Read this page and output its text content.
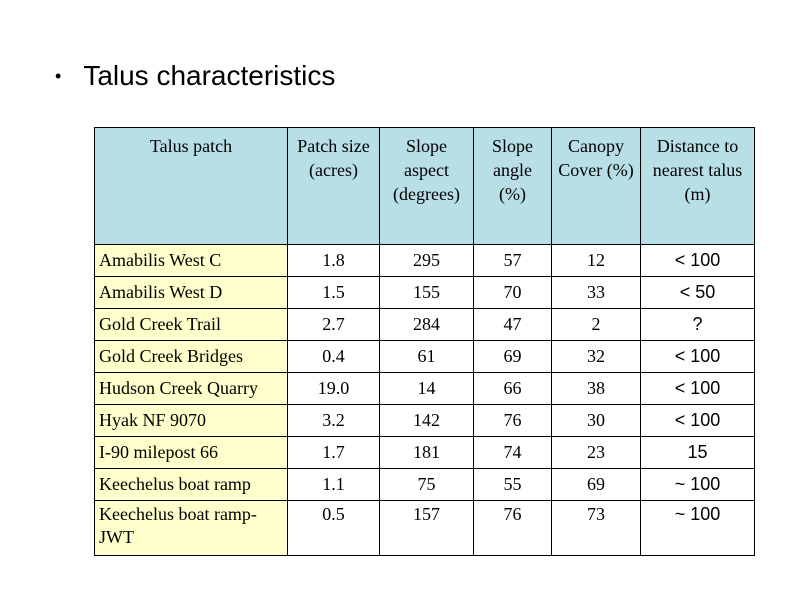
• Talus characteristics
Talus patch	Patch size (acres)	Slope aspect (degrees)	Slope angle (%)	Canopy Cover (%)	Distance to nearest talus (m)
Amabilis West C	1.8	295	57	12	< 100
Amabilis West D	1.5	155	70	33	< 50
Gold Creek Trail	2.7	284	47	2	?
Gold Creek Bridges	0.4	61	69	32	< 100
Hudson Creek Quarry	19.0	14	66	38	< 100
Hyak NF 9070	3.2	142	76	30	< 100
I-90 milepost 66	1.7	181	74	23	15
Keechelus boat ramp	1.1	75	55	69	~ 100
Keechelus boat ramp-JWT	0.5	157	76	73	~ 100
